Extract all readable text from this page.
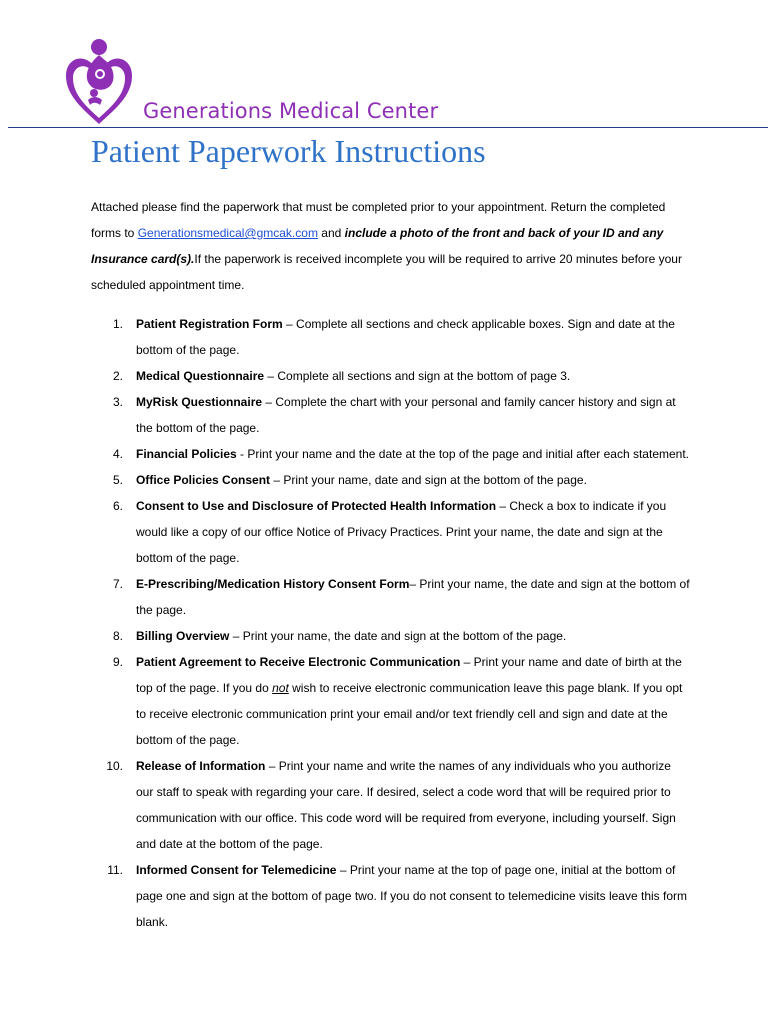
Generations Medical Center
Patient Paperwork Instructions
Attached please find the paperwork that must be completed prior to your appointment. Return the completed forms to Generationsmedical@gmcak.com and include a photo of the front and back of your ID and any Insurance card(s).If the paperwork is received incomplete you will be required to arrive 20 minutes before your scheduled appointment time.
1. Patient Registration Form – Complete all sections and check applicable boxes. Sign and date at the bottom of the page.
2. Medical Questionnaire – Complete all sections and sign at the bottom of page 3.
3. MyRisk Questionnaire – Complete the chart with your personal and family cancer history and sign at the bottom of the page.
4. Financial Policies - Print your name and the date at the top of the page and initial after each statement.
5. Office Policies Consent – Print your name, date and sign at the bottom of the page.
6. Consent to Use and Disclosure of Protected Health Information – Check a box to indicate if you would like a copy of our office Notice of Privacy Practices. Print your name, the date and sign at the bottom of the page.
7. E-Prescribing/Medication History Consent Form– Print your name, the date and sign at the bottom of the page.
8. Billing Overview – Print your name, the date and sign at the bottom of the page.
9. Patient Agreement to Receive Electronic Communication – Print your name and date of birth at the top of the page. If you do not wish to receive electronic communication leave this page blank. If you opt to receive electronic communication print your email and/or text friendly cell and sign and date at the bottom of the page.
10. Release of Information – Print your name and write the names of any individuals who you authorize our staff to speak with regarding your care. If desired, select a code word that will be required prior to communication with our office. This code word will be required from everyone, including yourself. Sign and date at the bottom of the page.
11. Informed Consent for Telemedicine – Print your name at the top of page one, initial at the bottom of page one and sign at the bottom of page two. If you do not consent to telemedicine visits leave this form blank.
